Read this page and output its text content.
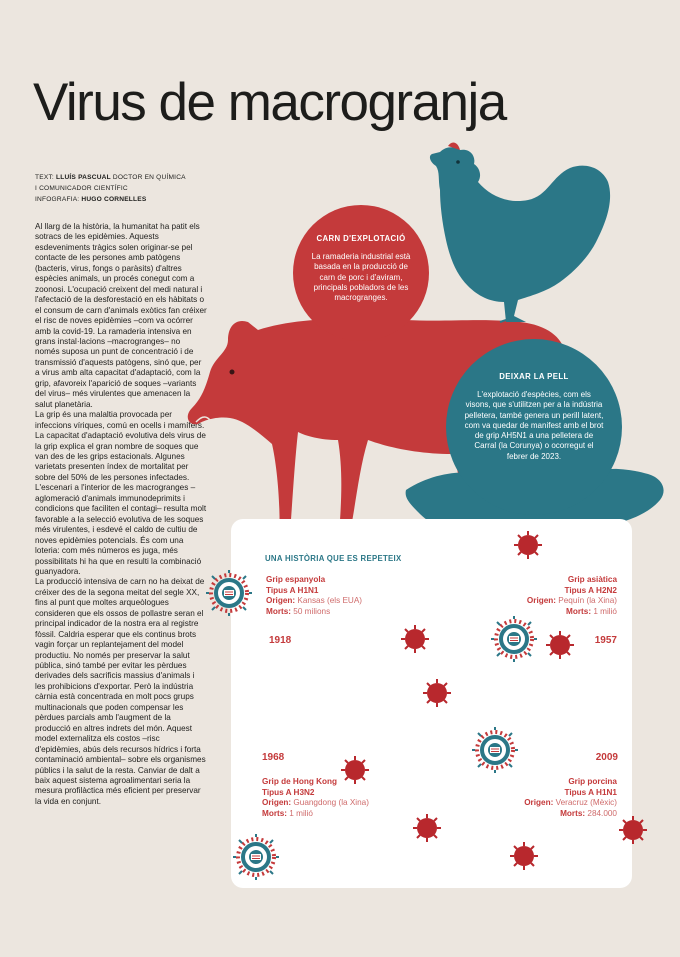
Virus de macrogranja
TEXT: LLUÍS PASCUAL DOCTOR EN QUÍMICA
I COMUNICADOR CIENTÍFIC
INFOGRAFIA: HUGO CORNELLES

Al llarg de la història, la humanitat ha patit els sotracs de les epidèmies. Aquests esdeveniments tràgics solen originar-se pel contacte de les persones amb patògens (bacteris, virus, fongs o paràsits) d'altres espècies animals, un procés conegut com a zoonosi. L'ocupació creixent del medi natural i l'afectació de la desforestació en els hàbitats o el consum de carn d'animals exòtics fan créixer el risc de noves epidèmies –com va ocórrer amb la covid-19. La ramaderia intensiva en grans instal·lacions –macrogranges– no només suposa un punt de concentració i de transmissió d'aquests patògens, sinó que, per a virus amb alta capacitat d'adaptació, com la grip, afavoreix l'aparició de soques –variants del virus– més virulentes que amenacen la salut planetària.

La grip és una malaltia provocada per infeccions víriques, comú en ocells i mamífers. La capacitat d'adaptació evolutiva dels virus de la grip explica el gran nombre de soques que van des de les grips estacionals. Algunes varietats presenten índex de mortalitat per sobre del 50% de les persones infectades. L'escenari a l'interior de les macrogranges –aglomeració d'animals immunodeprimits i condicions que faciliten el contagi– resulta molt favorable a la selecció evolutiva de les soques més virulentes, i esdevé el caldo de cultiu de noves epidèmies potencials. És com una loteria: com més números es juga, més possibilitats hi ha que en resulti la combinació guanyadora.

La producció intensiva de carn no ha deixat de créixer des de la segona meitat del segle XX, fins al punt que moltes arqueòlogues consideren que els ossos de pollastre seran el principal indicador de la nostra era al registre fòssil. Caldria esperar que els continus brots vagin forçar un replantejament del model productiu. No només per preservar la salut pública, sinó també per evitar les pèrdues derivades dels sacrificis massius d'animals i les prohibicions d'exportar. Però la indústria càrnia està concentrada en molt pocs grups multinacionals que poden compensar les pèrdues parcials amb l'augment de la producció en altres indrets del món. Aquest model externalitza els costos –risc d'epidèmies, abús dels recursos hídrics i forta contaminació ambiental– sobre els organismes públics i la salut de la resta. Canviar de dalt a baix aquest sistema agroalimentari seria la mesura profilàctica més eficient per preservar la vida en conjunt.

CARN D'EXPLOTACIÓ
La ramaderia industrial està basada en la producció de carn de porc i d'aviram, principals pobladors de les macrogranges.
DEIXAR LA PELL
L'explotació d'espècies, com els visons, que s'utilitzen per a la indústria pelletera, també genera un perill latent, com va quedar de manifest amb el brot de grip AH5N1 a una pelletera de Carral (la Corunya) o ocorregut el febrer de 2023.
UNA HISTÒRIA QUE ES REPETEIX
Grip espanyola
Tipus A H1N1
Origen: Kansas (els EUA)
Morts: 50 milions
1918
Grip asiàtica
Tipus A H2N2
Origen: Pequín (la Xina)
Morts: 1 milió
1957
1968
Grip de Hong Kong
Tipus A H3N2
Origen: Guangdong (la Xina)
Morts: 1 milió
2009
Grip porcina
Tipus A H1N1
Origen: Veracruz (Mèxic)
Morts: 284.000
